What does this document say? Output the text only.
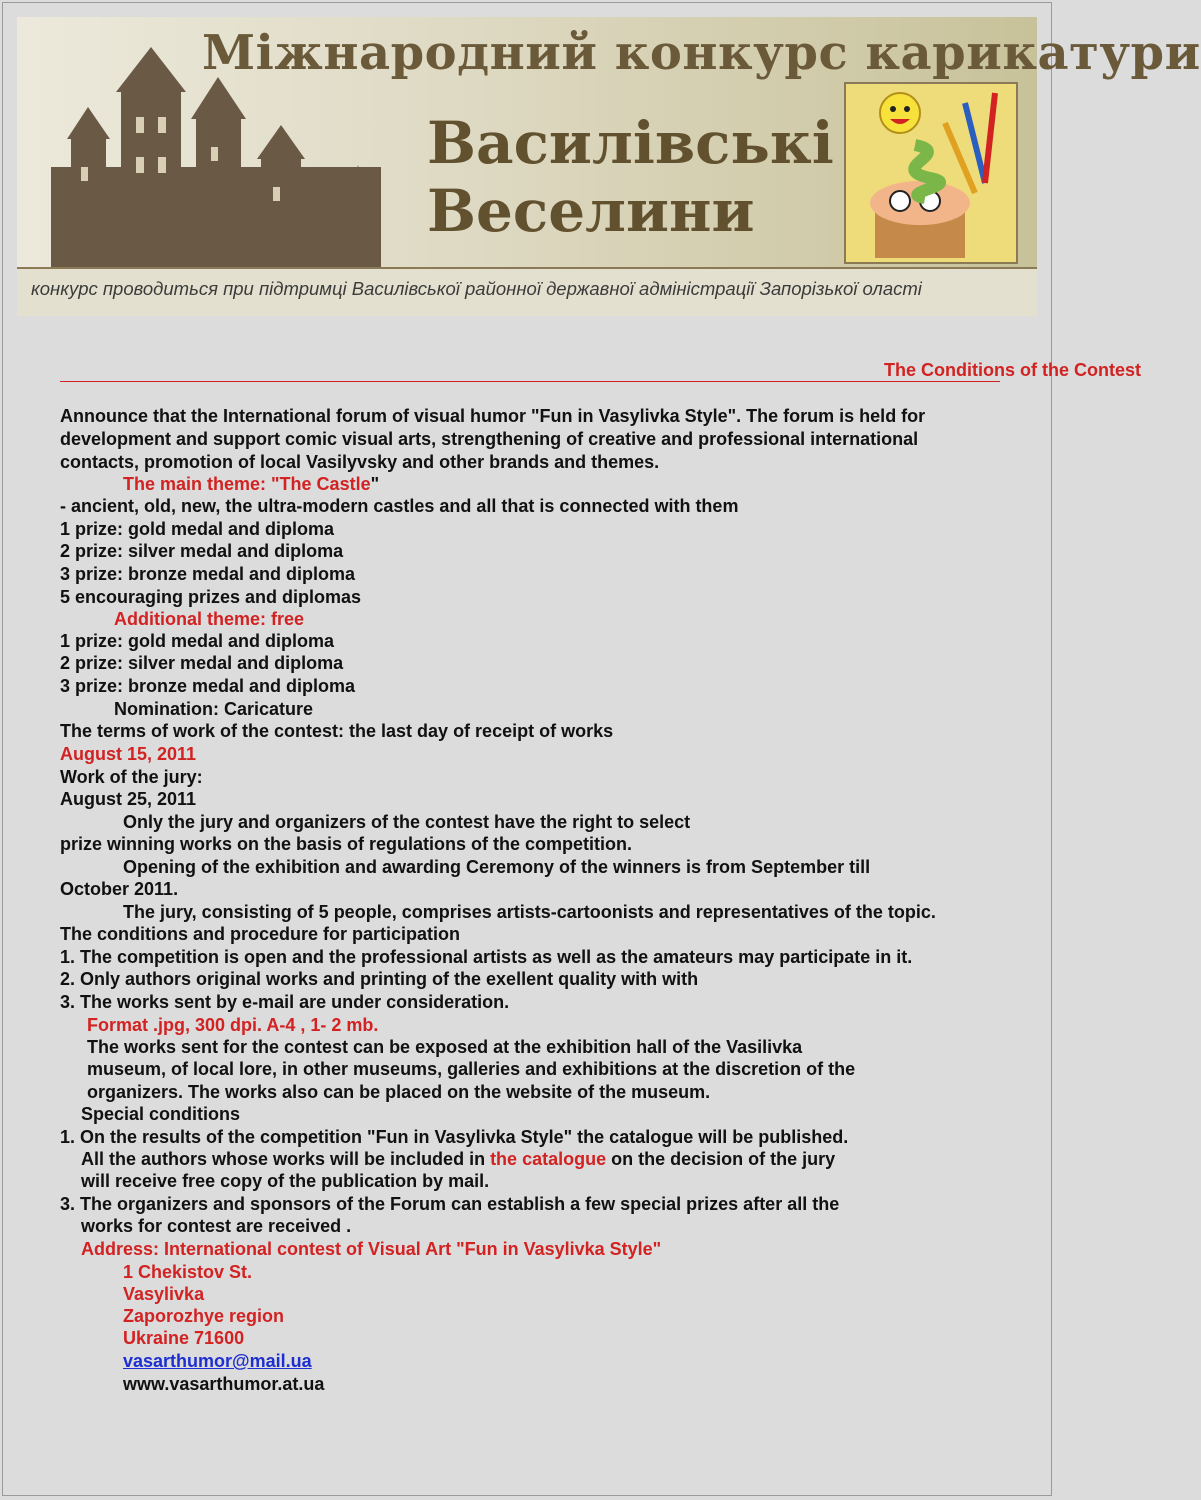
Міжнародний конкурс карикатури
Василівські
Веселини
конкурс проводиться при підтримці Василівської районної державної адміністрації Запорізької оласті
The Conditions of the Contest
Announce that the International forum of visual humor "Fun in Vasylivka Style". The forum is held for
development and support comic visual arts, strengthening of creative and professional international
contacts, promotion of local Vasilyvsky and other brands and themes.
The main theme: "The Castle"
- ancient, old, new, the ultra-modern castles and all that is connected with them
1 prize: gold medal and diploma
2 prize: silver medal and diploma
3 prize: bronze medal and diploma
5 encouraging prizes and diplomas
Additional theme: free
1 prize: gold medal and diploma
2 prize: silver medal and diploma
3 prize: bronze medal and diploma
Nomination: Caricature
The terms of work of the contest: the last day of receipt of works
August 15, 2011
Work of the jury:
August 25, 2011
Only the jury and organizers of the contest have the right to select
prize winning works on the basis of regulations of the competition.
Opening of the exhibition and awarding Ceremony of the winners is from September till
October 2011.
The jury, consisting of 5 people, comprises artists-cartoonists and representatives of the topic.
The conditions and procedure for participation
1. The competition is open and the professional artists as well as the amateurs may participate in it.
2. Only authors original works and printing of the exellent quality with with
3. The works sent by e-mail are under consideration.
Format .jpg, 300 dpi. A-4 , 1- 2 mb.
The works sent for the contest can be exposed at the exhibition hall of the Vasilivka
museum, of local lore, in other museums, galleries and exhibitions at the discretion of the
organizers. The works also can be placed on the website of the museum.
Special conditions
1. On the results of the competition "Fun in Vasylivka Style" the catalogue will be published.
All the authors whose works will be included in the catalogue on the decision of the jury
will receive free copy of the publication by mail.
3. The organizers and sponsors of the Forum can establish a few special prizes after all the
works for contest are received .
Address: International contest of Visual Art "Fun in Vasylivka Style"
1 Chekistov St.
Vasylivka
Zaporozhye region
Ukraine 71600
vasarthumor@mail.ua
www.vasarthumor.at.ua
